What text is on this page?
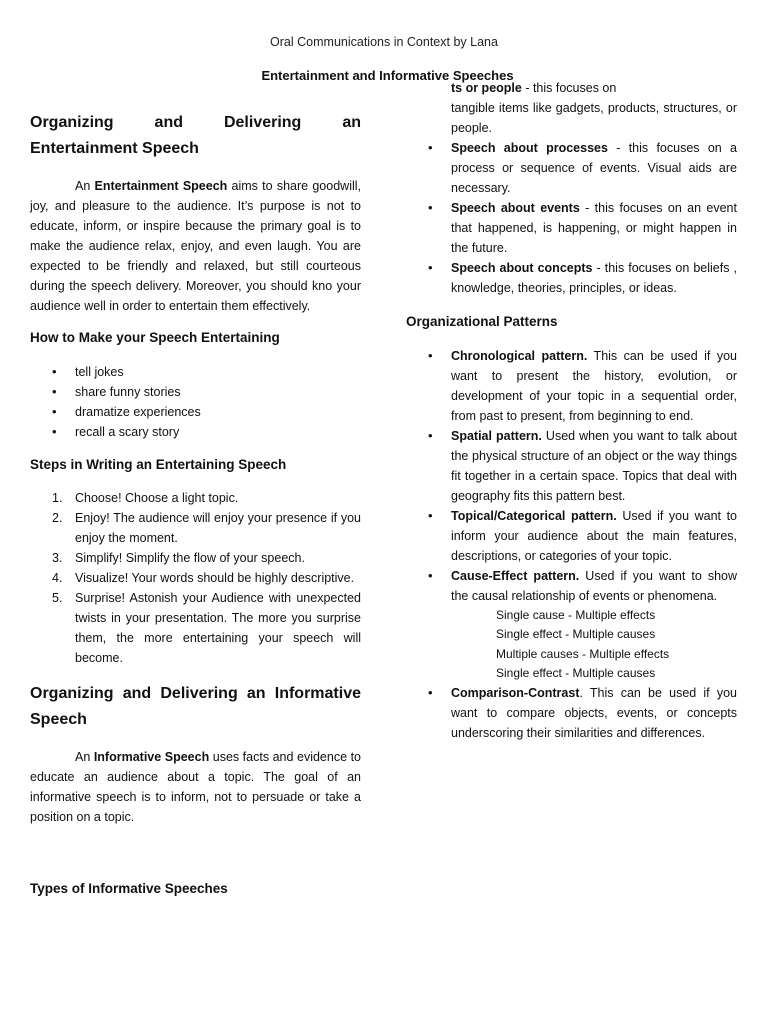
Oral Communications in Context by Lana
Entertainment and Informative Speeches

Organizing and Delivering an Entertainment Speech

An Entertainment Speech aims to share goodwill, joy, and pleasure to the audience. It’s purpose is not to educate, inform, or inspire because the primary goal is to make the audience relax, enjoy, and even laugh. You are expected to be friendly and relaxed, but still courteous during the speech delivery. Moreover, you should kno your audience well in order to entertain them effectively.

How to Make your Speech Entertaining

• tell jokes
• share funny stories
• dramatize experiences
• recall a scary story

Steps in Writing an Entertaining Speech

1. Choose! Choose a light topic.
2. Enjoy! The audience will enjoy your presence if you enjoy the moment.
3. Simplify! Simplify the flow of your speech.
4. Visualize! Your words should be highly descriptive.
5. Surprise! Astonish your Audience with unexpected twists in your presentation. The more you surprise them, the more entertaining your speech will become.

Organizing and Delivering an Informative Speech

An Informative Speech uses facts and evidence to educate an audience about a topic. The goal of an informative speech is to inform, not to persuade or take a position on a topic.

Types of Informative Speeches

ts or people - this focuses on
tangible items like gadgets, products, structures, or people.
• Speech about processes - this focuses on a process or sequence of events. Visual aids are necessary.
• Speech about events - this focuses on an event that happened, is happening, or might happen in the future.
• Speech about concepts - this focuses on beliefs , knowledge, theories, principles, or ideas.

Organizational Patterns

• Chronological pattern. This can be used if you want to present the history, evolution, or development of your topic in a sequential order, from past to present, from beginning to end.
• Spatial pattern. Used when you want to talk about the physical structure of an object or the way things fit together in a certain space. Topics that deal with geography fits this pattern best.
• Topical/Categorical pattern. Used if you want to inform your audience about the main features, descriptions, or categories of your topic.
• Cause-Effect pattern. Used if you want to show the causal relationship of events or phenomena.
Single cause - Multiple effects
Single effect - Multiple causes
Multiple causes - Multiple effects
Single effect - Multiple causes
• Comparison-Contrast. This can be used if you want to compare objects, events, or concepts underscoring their similarities and differences.
